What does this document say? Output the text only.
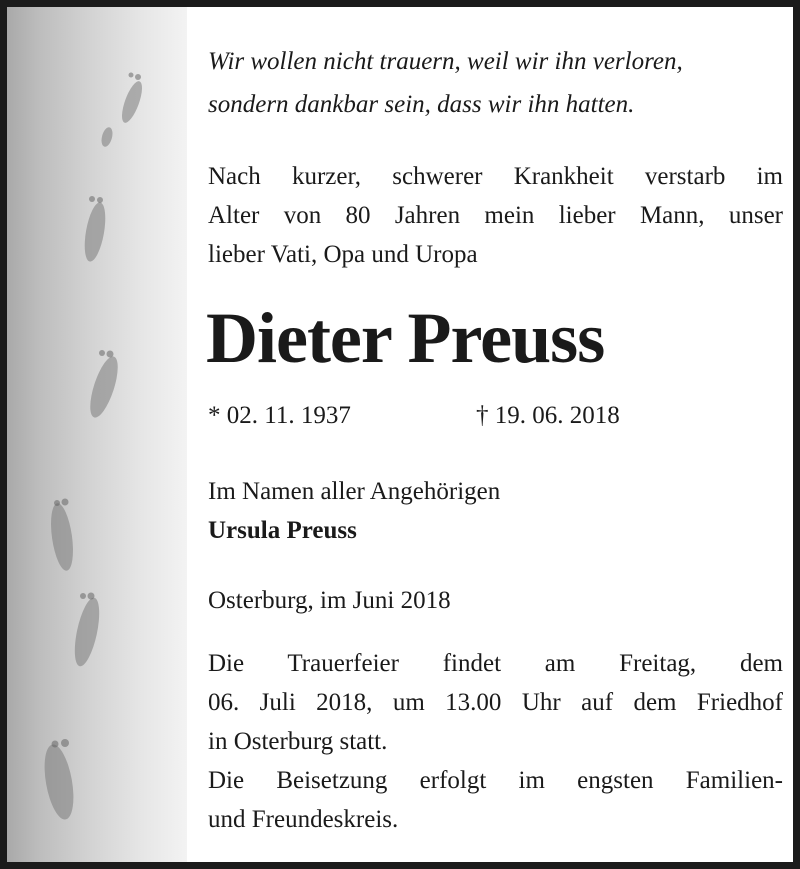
Wir wollen nicht trauern, weil wir ihn verloren,
sondern dankbar sein, dass wir ihn hatten.
Nach kurzer, schwerer Krankheit verstarb im
Alter von 80 Jahren mein lieber Mann, unser
lieber Vati, Opa und Uropa
Dieter Preuss
* 02. 11. 1937	† 19. 06. 2018
Im Namen aller Angehörigen
Ursula Preuss
Osterburg, im Juni 2018
Die Trauerfeier findet am Freitag, dem
06. Juli 2018, um 13.00 Uhr auf dem Friedhof
in Osterburg statt.
Die Beisetzung erfolgt im engsten Familien-
und Freundeskreis.
